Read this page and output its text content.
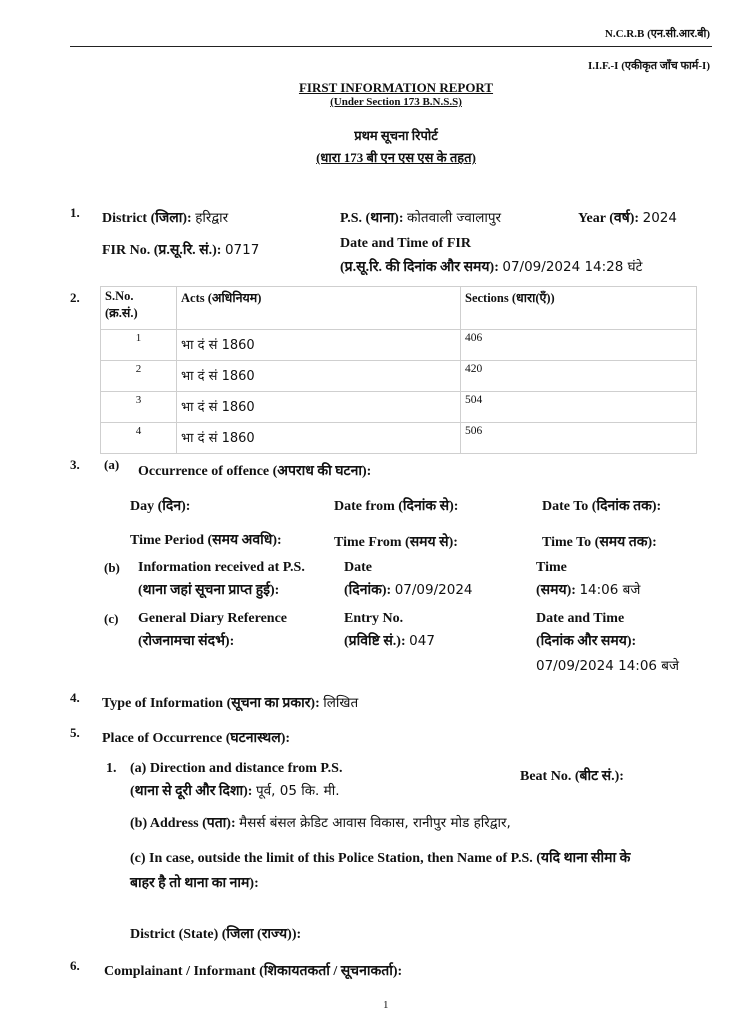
N.C.R.B (एन.सी.आर.बी)
I.I.F.-I (एकीकृत जाँच फार्म-I)
FIRST INFORMATION REPORT
(Under Section 173 B.N.S.S)
प्रथम सूचना रिपोर्ट
(धारा 173 बी एन एस एस के तहत)
1. District (जिला): हरिद्वार	P.S. (थाना): कोतवाली ज्वालापुर	Year (वर्ष): 2024
FIR No. (प्र.सू.रि. सं.): 0717	Date and Time of FIR
(प्र.सू.रि. की दिनांक और समय): 07/09/2024 14:28 घंटे
2. S.No.
(क्र.सं.)	Acts (अधिनियम)	Sections (धारा(एँ))
1	भा दं सं 1860	406
2	भा दं सं 1860	420
3	भा दं सं 1860	504
4	भा दं सं 1860	506
3. (a) Occurrence of offence (अपराध की घटना):
Day (दिन):	Date from (दिनांक से):	Date To (दिनांक तक):
Time Period (समय अवधि):	Time From (समय से):	Time To (समय तक):
(b) Information received at P.S.
(थाना जहां सूचना प्राप्त हुई):
Date
(दिनांक): 07/09/2024
Time
(समय): 14:06 बजे
(c) General Diary Reference
(रोजनामचा संदर्भ):
Entry No.
(प्रविष्टि सं.): 047
Date and Time
(दिनांक और समय):
07/09/2024 14:06 बजे
4. Type of Information (सूचना का प्रकार): लिखित
5. Place of Occurrence (घटनास्थल):
1. (a) Direction and distance from P.S.
(थाना से दूरी और दिशा): पूर्व, 05 कि. मी.
Beat No. (बीट सं.):
(b) Address (पता): मैसर्स बंसल क्रेडिट आवास विकास, रानीपुर मोड हरिद्वार,
(c) In case, outside the limit of this Police Station, then Name of P.S. (यदि थाना सीमा के
बाहर है तो थाना का नाम):
District (State) (जिला (राज्य)):
6. Complainant / Informant (शिकायतकर्ता / सूचनाकर्ता):
1
